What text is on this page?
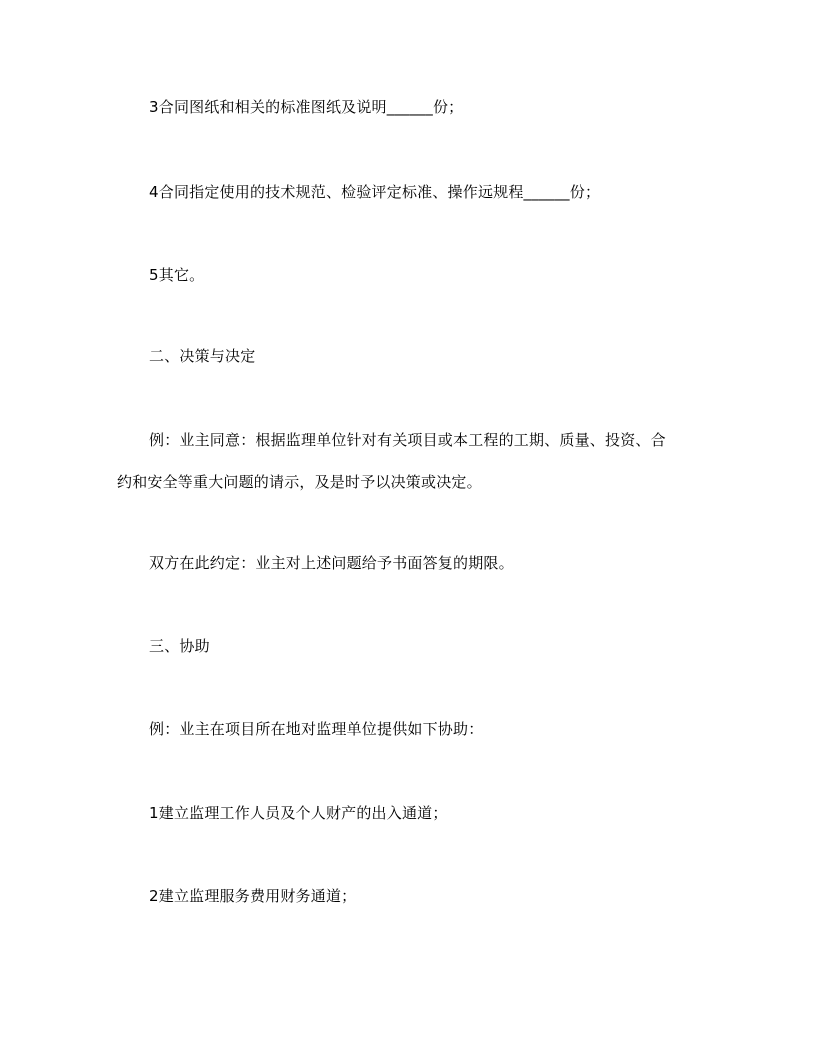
3合同图纸和相关的标准图纸及说明______份；
4合同指定使用的技术规范、检验评定标准、操作远规程______份；
5其它。
二、决策与决定
例：业主同意：根据监理单位针对有关项目或本工程的工期、质量、投资、合
约和安全等重大问题的请示，及是时予以决策或决定。
双方在此约定：业主对上述问题给予书面答复的期限。
三、协助
例：业主在项目所在地对监理单位提供如下协助：
1建立监理工作人员及个人财产的出入通道；
2建立监理服务费用财务通道；
